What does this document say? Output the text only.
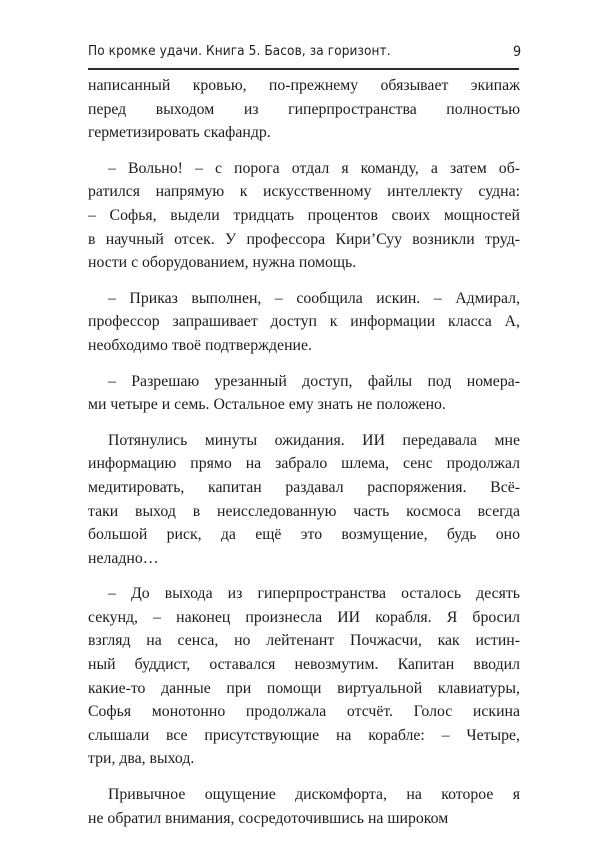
По кромке удачи. Книга 5. Басов, за горизонт.	9
написанный кровью, по-прежнему обязывает экипаж
перед выходом из гиперпространства полностью
герметизировать скафандр.
– Вольно! – с порога отдал я команду, а затем об-
ратился напрямую к искусственному интеллекту судна:
– Софья, выдели тридцать процентов своих мощностей
в научный отсек. У профессора Кири’Суу возникли труд-
ности с оборудованием, нужна помощь.
– Приказ выполнен, – сообщила искин. – Адмирал,
профессор запрашивает доступ к информации класса А,
необходимо твоё подтверждение.
– Разрешаю урезанный доступ, файлы под номера-
ми четыре и семь. Остальное ему знать не положено.
Потянулись минуты ожидания. ИИ передавала мне
информацию прямо на забрало шлема, сенс продолжал
медитировать, капитан раздавал распоряжения. Всё-
таки выход в неисследованную часть космоса всегда
большой риск, да ещё это возмущение, будь оно
неладно…
– До выхода из гиперпространства осталось десять
секунд, – наконец произнесла ИИ корабля. Я бросил
взгляд на сенса, но лейтенант Почжасчи, как истин-
ный буддист, оставался невозмутим. Капитан вводил
какие-то данные при помощи виртуальной клавиатуры,
Софья монотонно продолжала отсчёт. Голос искина
слышали все присутствующие на корабле: – Четыре,
три, два, выход.
Привычное ощущение дискомфорта, на которое я
не обратил внимания, сосредоточившись на широком
